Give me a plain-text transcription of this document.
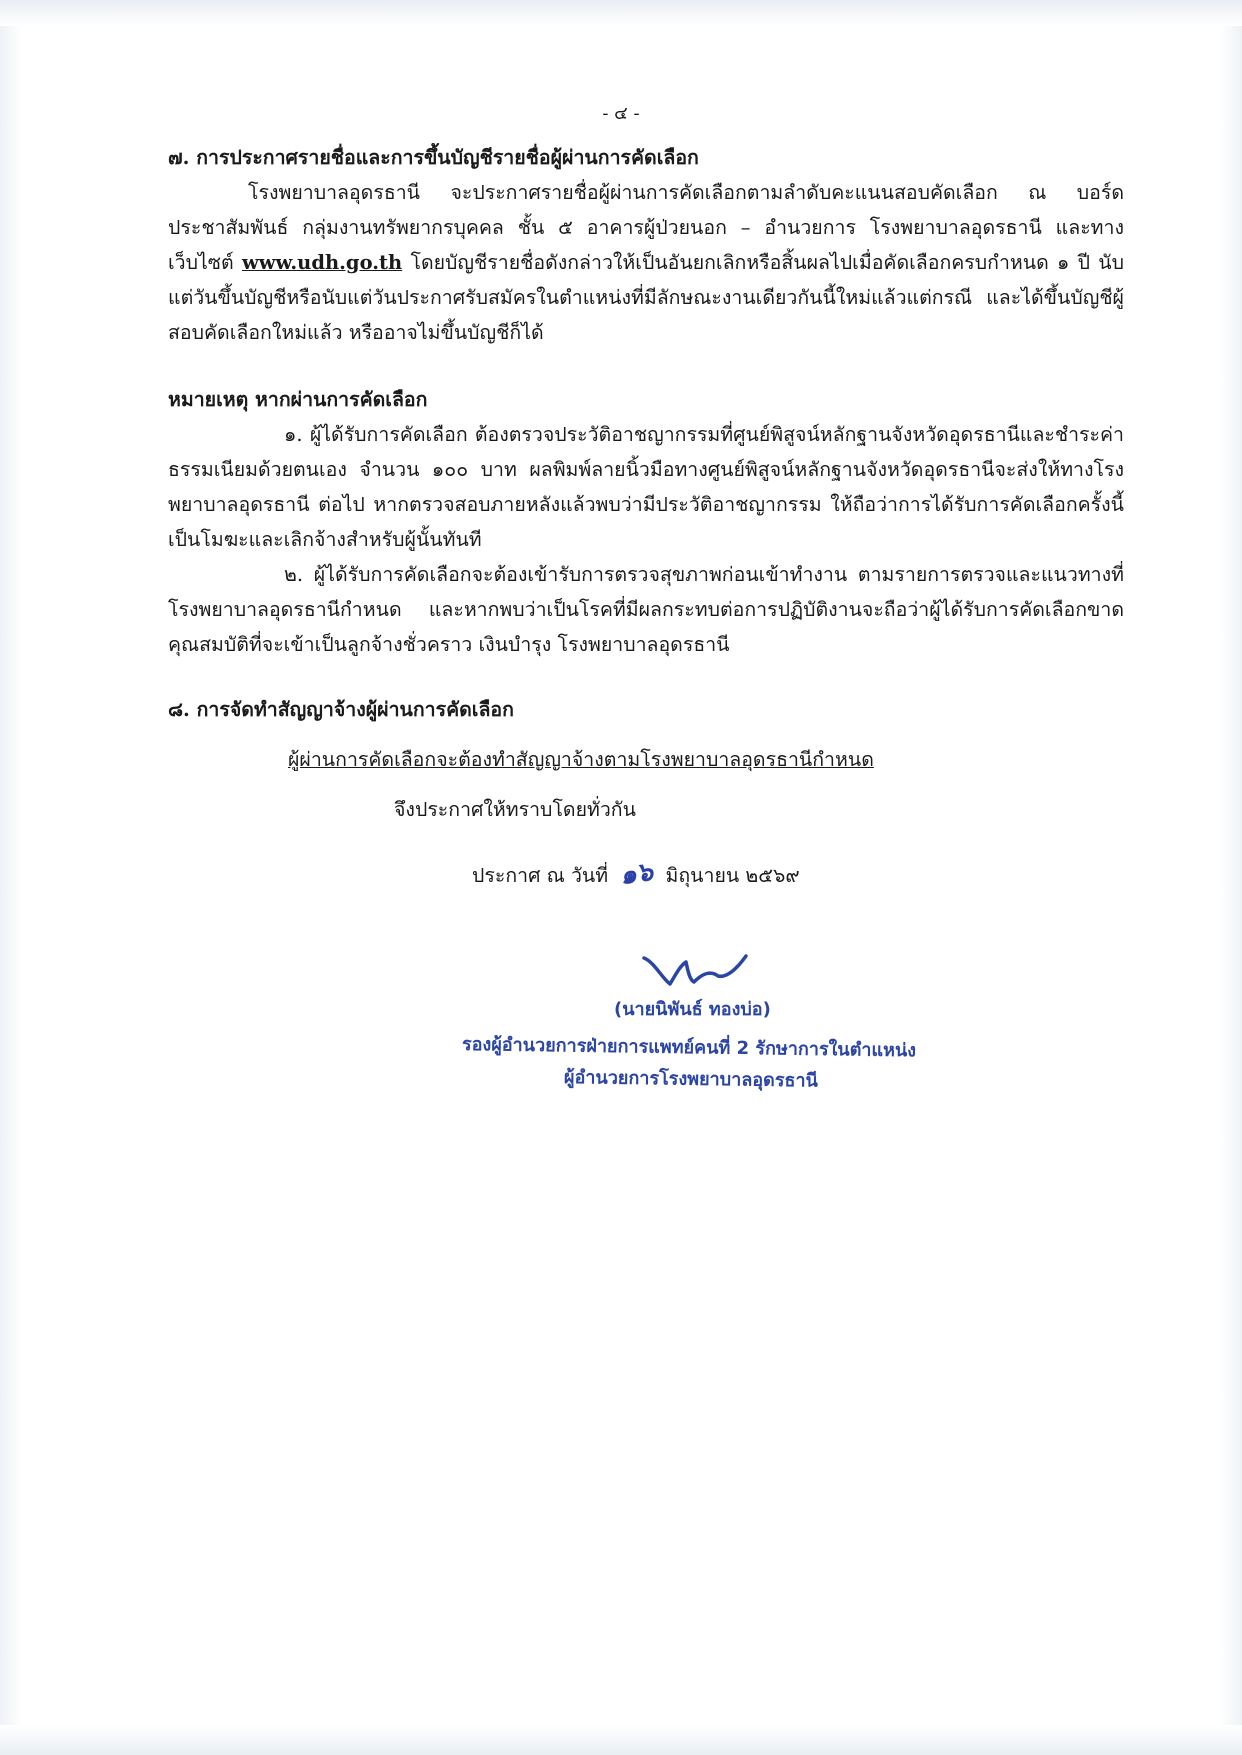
- ๔ -
๗. การประกาศรายชื่อและการขึ้นบัญชีรายชื่อผู้ผ่านการคัดเลือก
โรงพยาบาลอุดรธานี จะประกาศรายชื่อผู้ผ่านการคัดเลือกตามลำดับคะแนนสอบคัดเลือก ณ บอร์ดประชาสัมพันธ์ กลุ่มงานทรัพยากรบุคคล ชั้น ๕ อาคารผู้ป่วยนอก – อำนวยการ โรงพยาบาลอุดรธานี และทางเว็บไซต์ www.udh.go.th โดยบัญชีรายชื่อดังกล่าวให้เป็นอันยกเลิกหรือสิ้นผลไปเมื่อคัดเลือกครบกำหนด ๑ ปี นับแต่วันขึ้นบัญชีหรือนับแต่วันประกาศรับสมัครในตำแหน่งที่มีลักษณะงานเดียวกันนี้ใหม่แล้วแต่กรณี และได้ขึ้นบัญชีผู้สอบคัดเลือกใหม่แล้ว หรืออาจไม่ขึ้นบัญชีก็ได้
หมายเหตุ หากผ่านการคัดเลือก
๑. ผู้ได้รับการคัดเลือก ต้องตรวจประวัติอาชญากรรมที่ศูนย์พิสูจน์หลักฐานจังหวัดอุดรธานีและชำระค่าธรรมเนียมด้วยตนเอง จำนวน ๑๐๐ บาท ผลพิมพ์ลายนิ้วมือทางศูนย์พิสูจน์หลักฐานจังหวัดอุดรธานีจะส่งให้ทางโรงพยาบาลอุดรธานี ต่อไป หากตรวจสอบภายหลังแล้วพบว่ามีประวัติอาชญากรรม ให้ถือว่าการได้รับการคัดเลือกครั้งนี้เป็นโมฆะและเลิกจ้างสำหรับผู้นั้นทันที
๒. ผู้ได้รับการคัดเลือกจะต้องเข้ารับการตรวจสุขภาพก่อนเข้าทำงาน ตามรายการตรวจและแนวทางที่โรงพยาบาลอุดรธานีกำหนด และหากพบว่าเป็นโรคที่มีผลกระทบต่อการปฏิบัติงานจะถือว่าผู้ได้รับการคัดเลือกขาดคุณสมบัติที่จะเข้าเป็นลูกจ้างชั่วคราว เงินบำรุง โรงพยาบาลอุดรธานี
๘. การจัดทำสัญญาจ้างผู้ผ่านการคัดเลือก
ผู้ผ่านการคัดเลือกจะต้องทำสัญญาจ้างตามโรงพยาบาลอุดรธานีกำหนด
จึงประกาศให้ทราบโดยทั่วกัน
ประกาศ ณ วันที่ ๑๖ มิถุนายน ๒๕๖๙
(นายนิพันธ์ ทองบ่อ)
รองผู้อำนวยการฝ่ายการแพทย์คนที่ 2 รักษาการในตำแหน่ง
ผู้อำนวยการโรงพยาบาลอุดรธานี
